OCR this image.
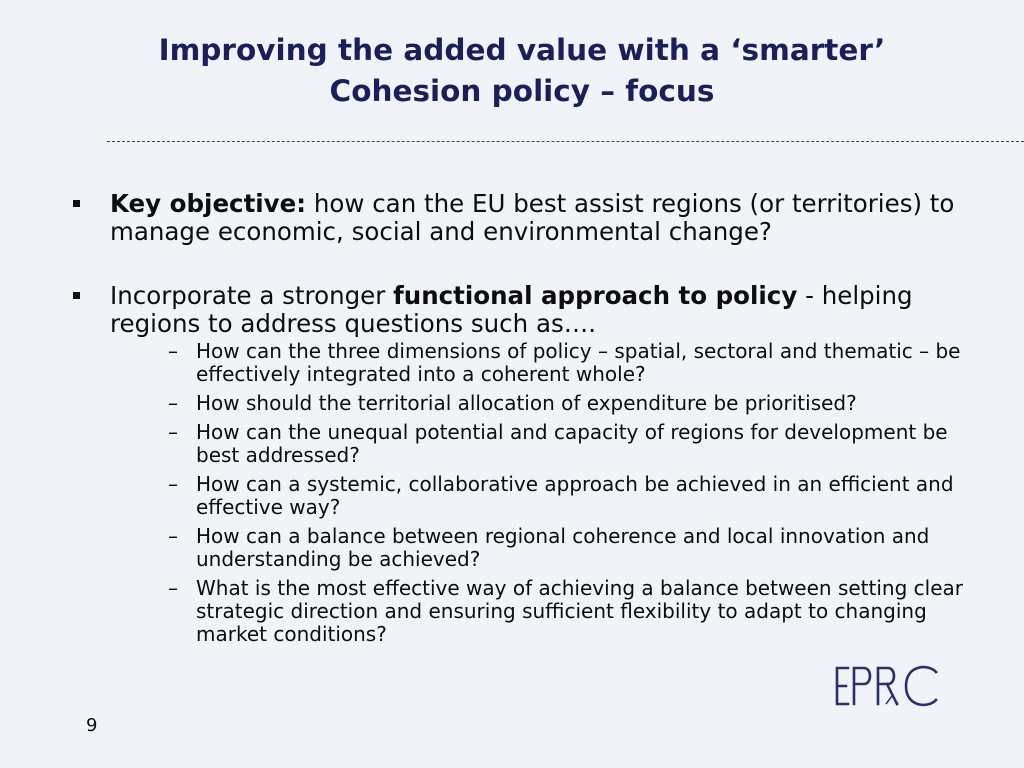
Improving the added value with a ‘smarter’
Cohesion policy – focus
Key objective: how can the EU best assist regions (or territories) to manage economic, social and environmental change?
Incorporate a stronger functional approach to policy - helping regions to address questions such as….
– How can the three dimensions of policy – spatial, sectoral and thematic – be effectively integrated into a coherent whole?
– How should the territorial allocation of expenditure be prioritised?
– How can the unequal potential and capacity of regions for development be best addressed?
– How can a systemic, collaborative approach be achieved in an efficient and effective way?
– How can a balance between regional coherence and local innovation and understanding be achieved?
– What is the most effective way of achieving a balance between setting clear strategic direction and ensuring sufficient flexibility to adapt to changing market conditions?
9
